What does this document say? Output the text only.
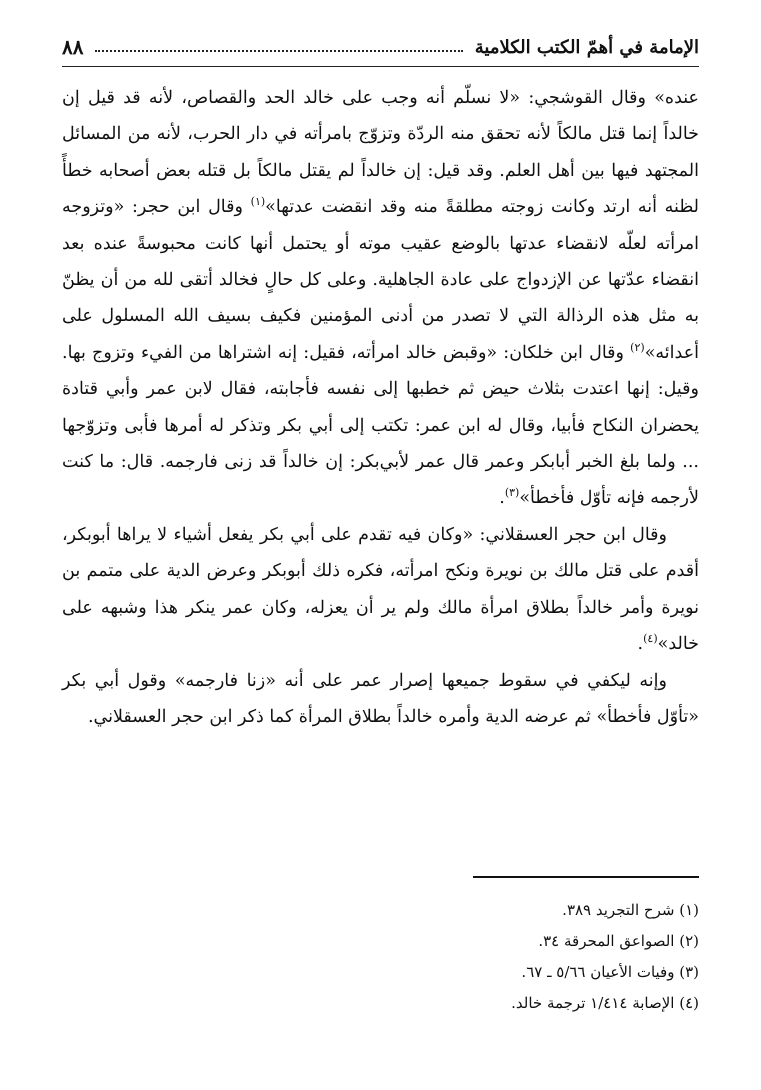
الإمامة في أهمّ الكتب الكلامية
٨٨

عنده» وقال القوشجي: «لا نسلّم أنه وجب على خالد الحد والقصاص، لأنه قد قيل إن خالداً إنما قتل مالكاً لأنه تحقق منه الردّة وتزوّج بامرأته في دار الحرب، لأنه من المسائل المجتهد فيها بين أهل العلم. وقد قيل: إن خالداً لم يقتل مالكاً بل قتله بعض أصحابه خطأً لظنه أنه ارتد وكانت زوجته مطلقةً منه وقد انقضت عدتها»$^{(١)}$ وقال ابن حجر: «وتزوجه امرأته لعلّه لانقضاء عدتها بالوضع عقيب موته أو يحتمل أنها كانت محبوسةً عنده بعد انقضاء عدّتها عن الإزدواج على عادة الجاهلية. وعلى كل حالٍ فخالد أتقى لله من أن يظنّ به مثل هذه الرذالة التي لا تصدر من أدنى المؤمنين فكيف بسيف الله المسلول على أعدائه»$^{(٢)}$ وقال ابن خلكان: «وقبض خالد امرأته، فقيل: إنه اشتراها من الفيء وتزوج بها. وقيل: إنها اعتدت بثلاث حيض ثم خطبها إلى نفسه فأجابته، فقال لابن عمر وأبي قتادة يحضران النكاح فأبيا، وقال له ابن عمر: تكتب إلى أبي بكر وتذكر له أمرها فأبى وتزوّجها ... ولما بلغ الخبر أبابكر وعمر قال عمر لأبي‌بكر: إن خالداً قد زنى فارجمه. قال: ما كنت لأرجمه فإنه تأوّل فأخطأ»$^{(٣)}$.

وقال ابن حجر العسقلاني: «وكان فيه تقدم على أبي بكر يفعل أشياء لا يراها أبوبكر، أقدم على قتل مالك بن نويرة ونكح امرأته، فكره ذلك أبوبكر وعرض الدية على متمم بن نويرة وأمر خالداً بطلاق امرأة مالك ولم ير أن يعزله، وكان عمر ينكر هذا وشبهه على خالد»$^{(٤)}$.

وإنه ليكفي في سقوط جميعها إصرار عمر على أنه «زنا فارجمه» وقول أبي بكر «تأوّل فأخطأ» ثم عرضه الدية وأمره خالداً بطلاق المرأة كما ذكر ابن حجر العسقلاني.

(١) شرح التجريد ٣٨٩.
(٢) الصواعق المحرقة ٣٤.
(٣) وفيات الأعيان ٥/٦٦ ـ ٦٧.
(٤) الإصابة ١/٤١٤ ترجمة خالد.
